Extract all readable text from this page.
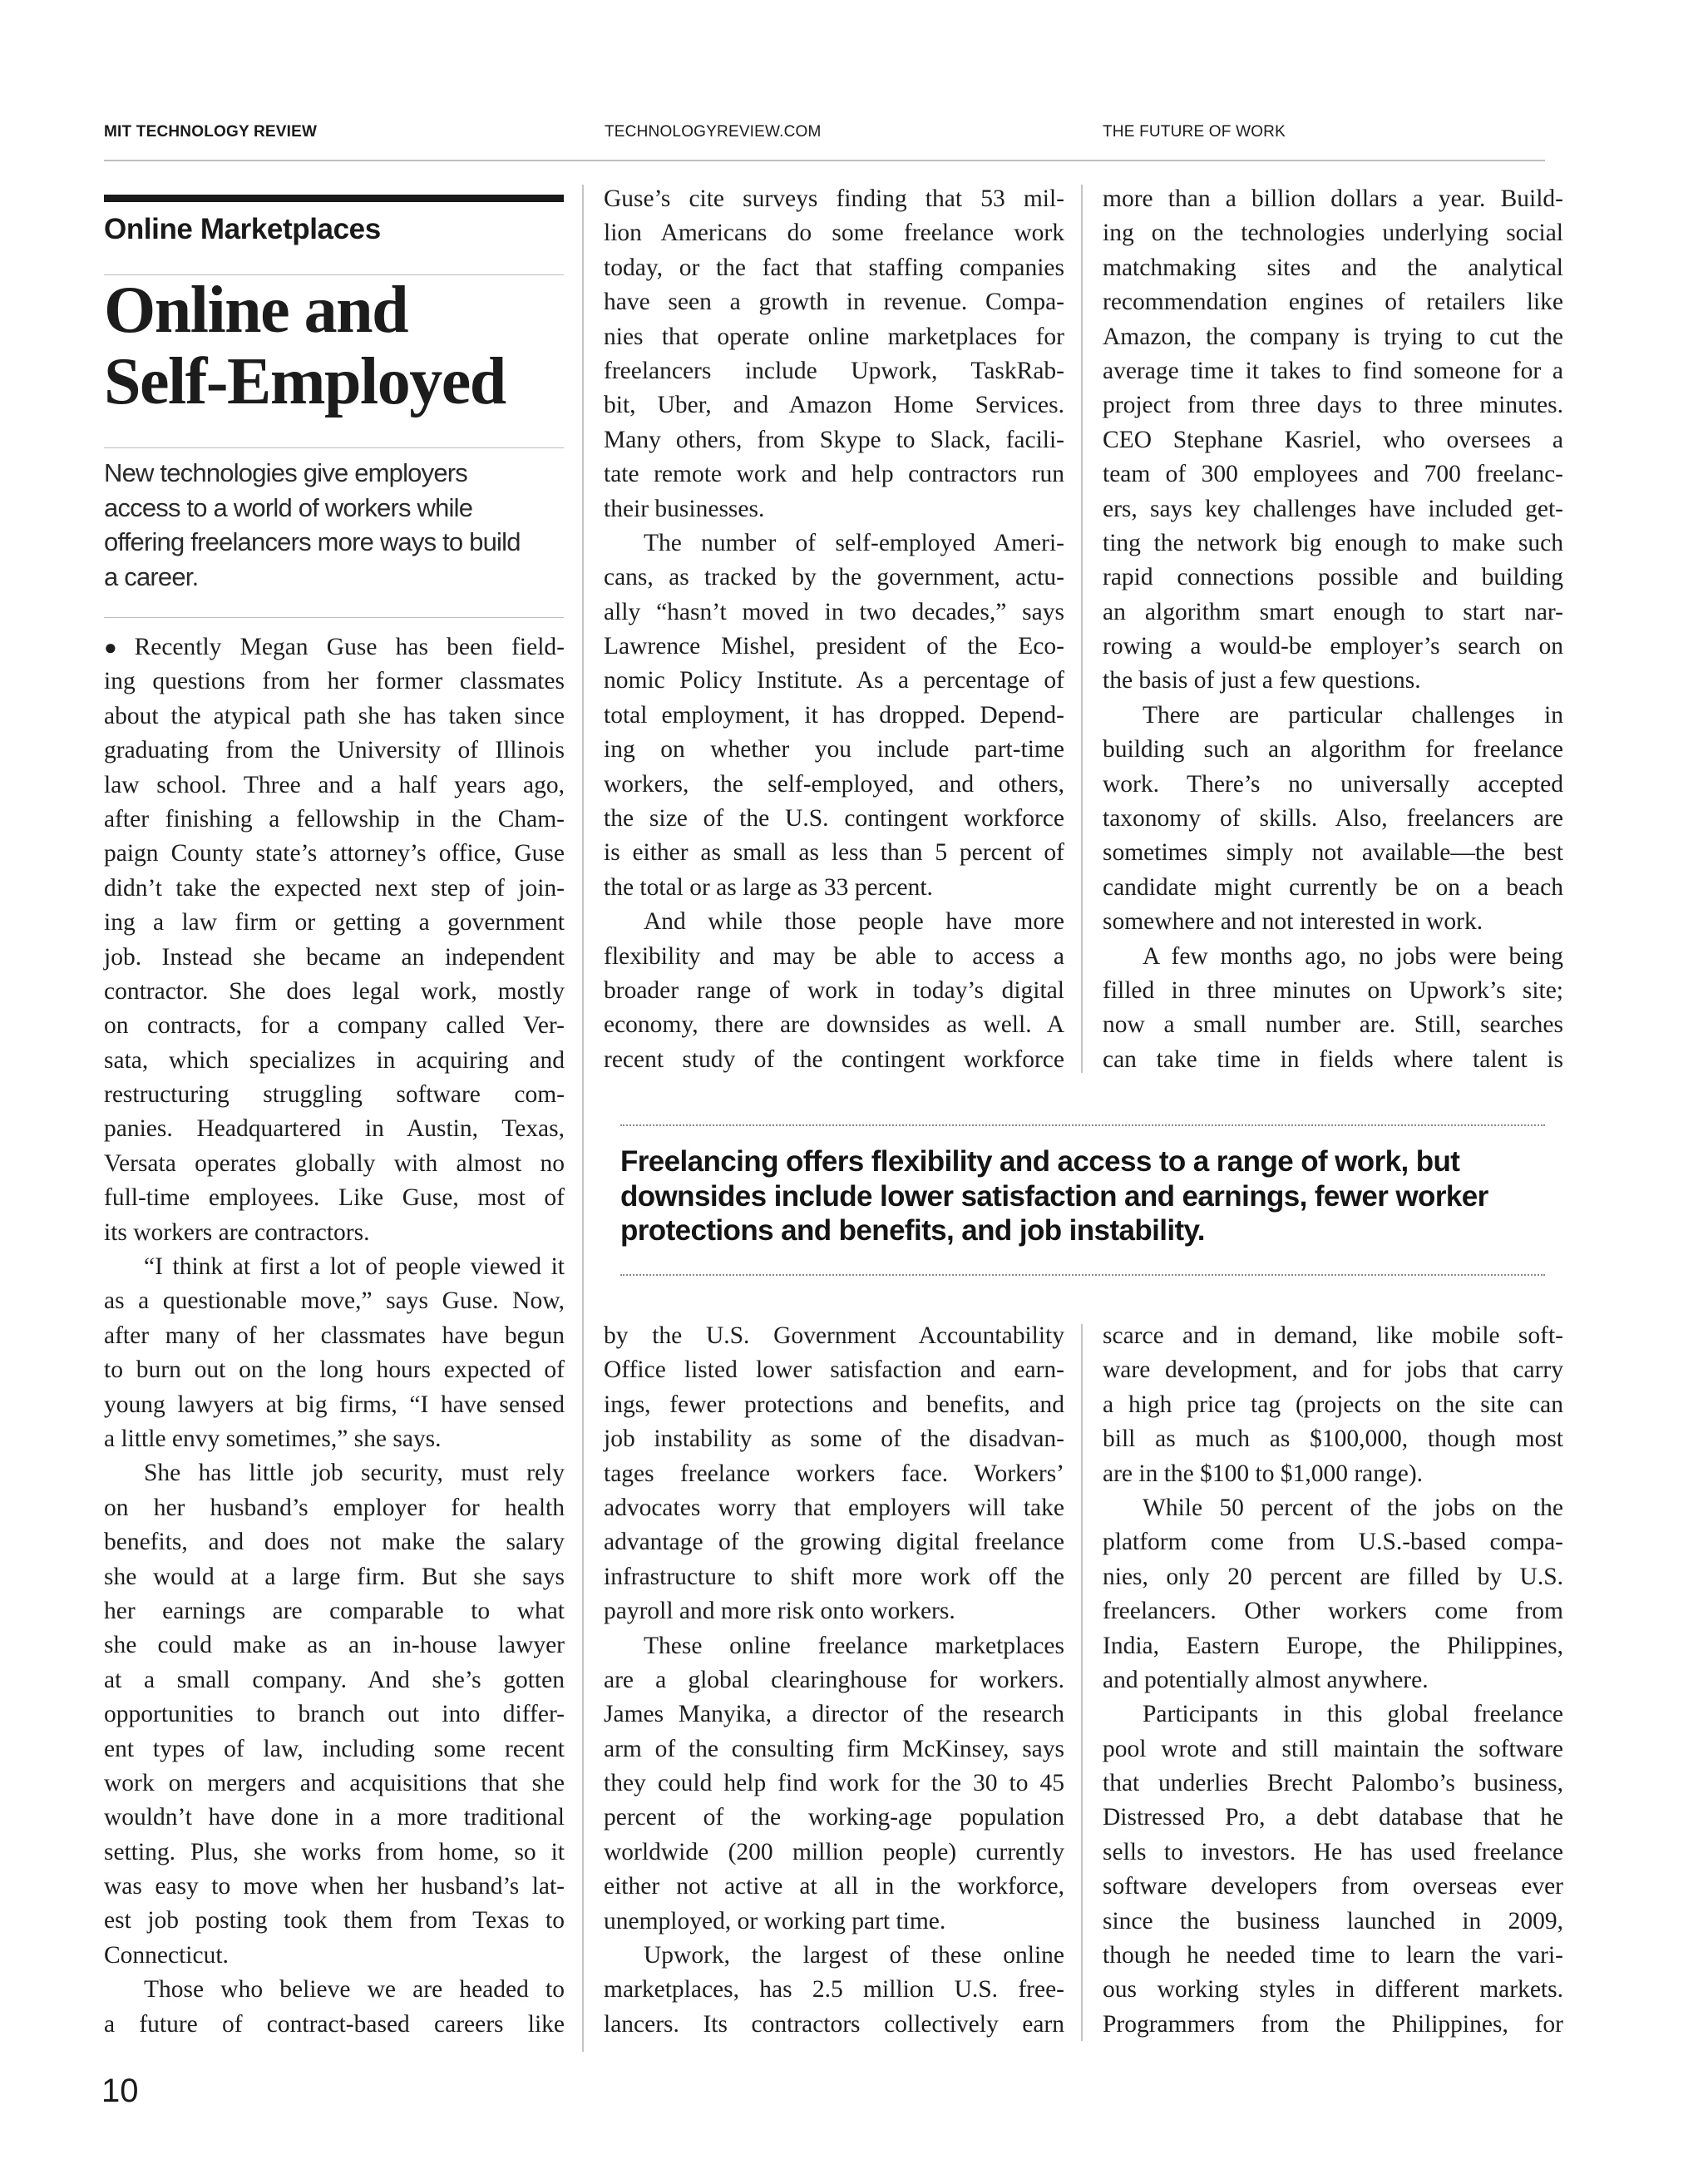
MIT TECHNOLOGY REVIEW	TECHNOLOGYREVIEW.COM	THE FUTURE OF WORK
Online Marketplaces
Online and
Self-Employed
New technologies give employers
access to a world of workers while
offering freelancers more ways to build
a career.
● Recently Megan Guse has been field-
ing questions from her former classmates
about the atypical path she has taken since
graduating from the University of Illinois
law school. Three and a half years ago,
after finishing a fellowship in the Cham-
paign County state’s attorney’s office, Guse
didn’t take the expected next step of join-
ing a law firm or getting a government
job. Instead she became an independent
contractor. She does legal work, mostly
on contracts, for a company called Ver-
sata, which specializes in acquiring and
restructuring struggling software com-
panies. Headquartered in Austin, Texas,
Versata operates globally with almost no
full-time employees. Like Guse, most of
its workers are contractors.
“I think at first a lot of people viewed it
as a questionable move,” says Guse. Now,
after many of her classmates have begun
to burn out on the long hours expected of
young lawyers at big firms, “I have sensed
a little envy sometimes,” she says.
She has little job security, must rely
on her husband’s employer for health
benefits, and does not make the salary
she would at a large firm. But she says
her earnings are comparable to what
she could make as an in-house lawyer
at a small company. And she’s gotten
opportunities to branch out into differ-
ent types of law, including some recent
work on mergers and acquisitions that she
wouldn’t have done in a more traditional
setting. Plus, she works from home, so it
was easy to move when her husband’s lat-
est job posting took them from Texas to
Connecticut.
Those who believe we are headed to
a future of contract-based careers like
Guse’s cite surveys finding that 53 mil-
lion Americans do some freelance work
today, or the fact that staffing companies
have seen a growth in revenue. Compa-
nies that operate online marketplaces for
freelancers include Upwork, TaskRab-
bit, Uber, and Amazon Home Services.
Many others, from Skype to Slack, facili-
tate remote work and help contractors run
their businesses.
The number of self-employed Ameri-
cans, as tracked by the government, actu-
ally “hasn’t moved in two decades,” says
Lawrence Mishel, president of the Eco-
nomic Policy Institute. As a percentage of
total employment, it has dropped. Depend-
ing on whether you include part-time
workers, the self-employed, and others,
the size of the U.S. contingent workforce
is either as small as less than 5 percent of
the total or as large as 33 percent.
And while those people have more
flexibility and may be able to access a
broader range of work in today’s digital
economy, there are downsides as well. A
recent study of the contingent workforce
more than a billion dollars a year. Build-
ing on the technologies underlying social
matchmaking sites and the analytical
recommendation engines of retailers like
Amazon, the company is trying to cut the
average time it takes to find someone for a
project from three days to three minutes.
CEO Stephane Kasriel, who oversees a
team of 300 employees and 700 freelanc-
ers, says key challenges have included get-
ting the network big enough to make such
rapid connections possible and building
an algorithm smart enough to start nar-
rowing a would-be employer’s search on
the basis of just a few questions.
There are particular challenges in
building such an algorithm for freelance
work. There’s no universally accepted
taxonomy of skills. Also, freelancers are
sometimes simply not available—the best
candidate might currently be on a beach
somewhere and not interested in work.
A few months ago, no jobs were being
filled in three minutes on Upwork’s site;
now a small number are. Still, searches
can take time in fields where talent is
Freelancing offers flexibility and access to a range of work, but
downsides include lower satisfaction and earnings, fewer worker
protections and benefits, and job instability.
by the U.S. Government Accountability
Office listed lower satisfaction and earn-
ings, fewer protections and benefits, and
job instability as some of the disadvan-
tages freelance workers face. Workers’
advocates worry that employers will take
advantage of the growing digital freelance
infrastructure to shift more work off the
payroll and more risk onto workers.
These online freelance marketplaces
are a global clearinghouse for workers.
James Manyika, a director of the research
arm of the consulting firm McKinsey, says
they could help find work for the 30 to 45
percent of the working-age population
worldwide (200 million people) currently
either not active at all in the workforce,
unemployed, or working part time.
Upwork, the largest of these online
marketplaces, has 2.5 million U.S. free-
lancers. Its contractors collectively earn
scarce and in demand, like mobile soft-
ware development, and for jobs that carry
a high price tag (projects on the site can
bill as much as $100,000, though most
are in the $100 to $1,000 range).
While 50 percent of the jobs on the
platform come from U.S.-based compa-
nies, only 20 percent are filled by U.S.
freelancers. Other workers come from
India, Eastern Europe, the Philippines,
and potentially almost anywhere.
Participants in this global freelance
pool wrote and still maintain the software
that underlies Brecht Palombo’s business,
Distressed Pro, a debt database that he
sells to investors. He has used freelance
software developers from overseas ever
since the business launched in 2009,
though he needed time to learn the vari-
ous working styles in different markets.
Programmers from the Philippines, for
10
